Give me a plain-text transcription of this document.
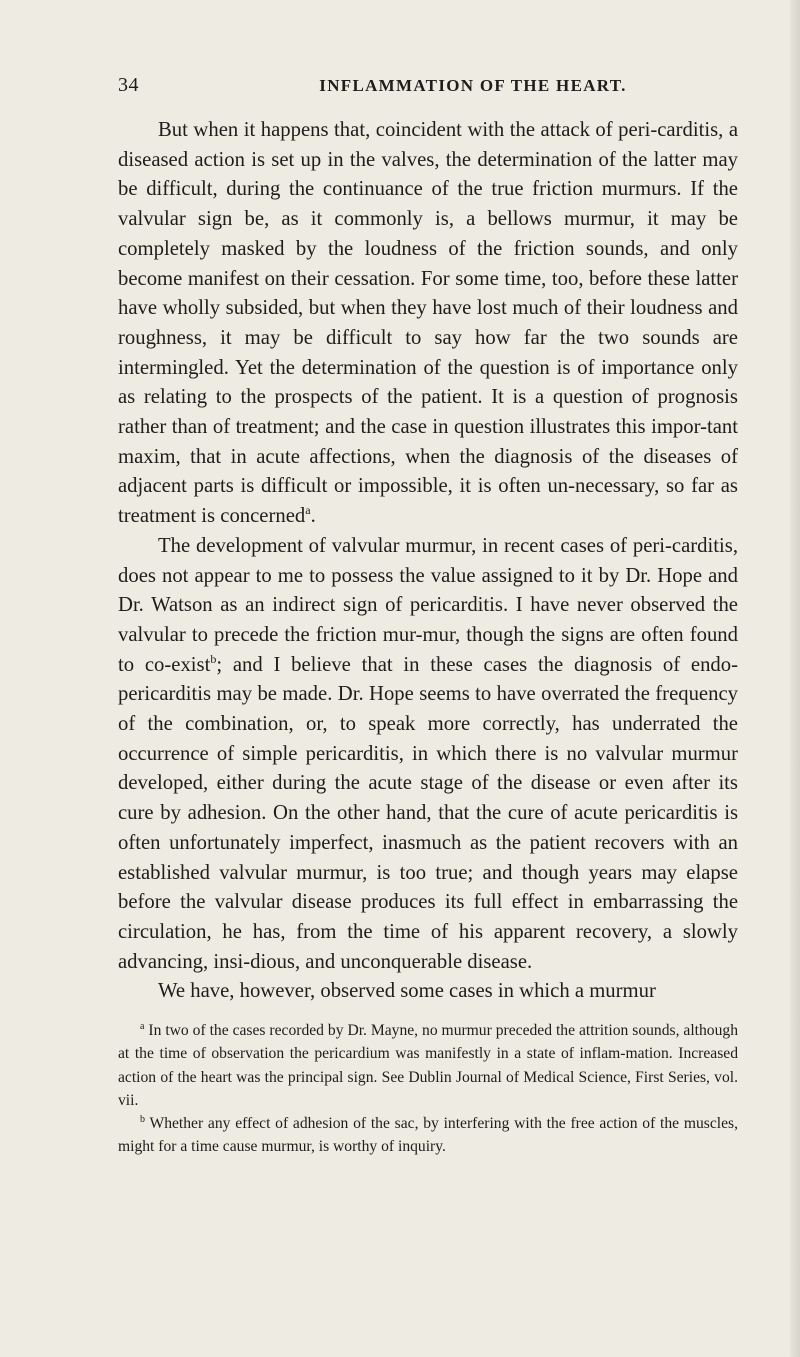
34	INFLAMMATION OF THE HEART.

But when it happens that, coincident with the attack of peri-carditis, a diseased action is set up in the valves, the determination of the latter may be difficult, during the continuance of the true friction murmurs. If the valvular sign be, as it commonly is, a bellows murmur, it may be completely masked by the loudness of the friction sounds, and only become manifest on their cessation. For some time, too, before these latter have wholly subsided, but when they have lost much of their loudness and roughness, it may be difficult to say how far the two sounds are intermingled. Yet the determination of the question is of importance only as relating to the prospects of the patient. It is a question of prognosis rather than of treatment; and the case in question illustrates this impor-tant maxim, that in acute affections, when the diagnosis of the diseases of adjacent parts is difficult or impossible, it is often un-necessary, so far as treatment is concerned$^a$.

The development of valvular murmur, in recent cases of peri-carditis, does not appear to me to possess the value assigned to it by Dr. Hope and Dr. Watson as an indirect sign of pericarditis. I have never observed the valvular to precede the friction mur-mur, though the signs are often found to co-exist$^b$; and I believe that in these cases the diagnosis of endo-pericarditis may be made. Dr. Hope seems to have overrated the frequency of the combination, or, to speak more correctly, has underrated the occurrence of simple pericarditis, in which there is no valvular murmur developed, either during the acute stage of the disease or even after its cure by adhesion. On the other hand, that the cure of acute pericarditis is often unfortunately imperfect, inasmuch as the patient recovers with an established valvular murmur, is too true; and though years may elapse before the valvular disease produces its full effect in embarrassing the circulation, he has, from the time of his apparent recovery, a slowly advancing, insi-dious, and unconquerable disease.

We have, however, observed some cases in which a murmur

$^a$ In two of the cases recorded by Dr. Mayne, no murmur preceded the attrition sounds, although at the time of observation the pericardium was manifestly in a state of inflam-mation. Increased action of the heart was the principal sign. See Dublin Journal of Medical Science, First Series, vol. vii.

$^b$ Whether any effect of adhesion of the sac, by interfering with the free action of the muscles, might for a time cause murmur, is worthy of inquiry.
